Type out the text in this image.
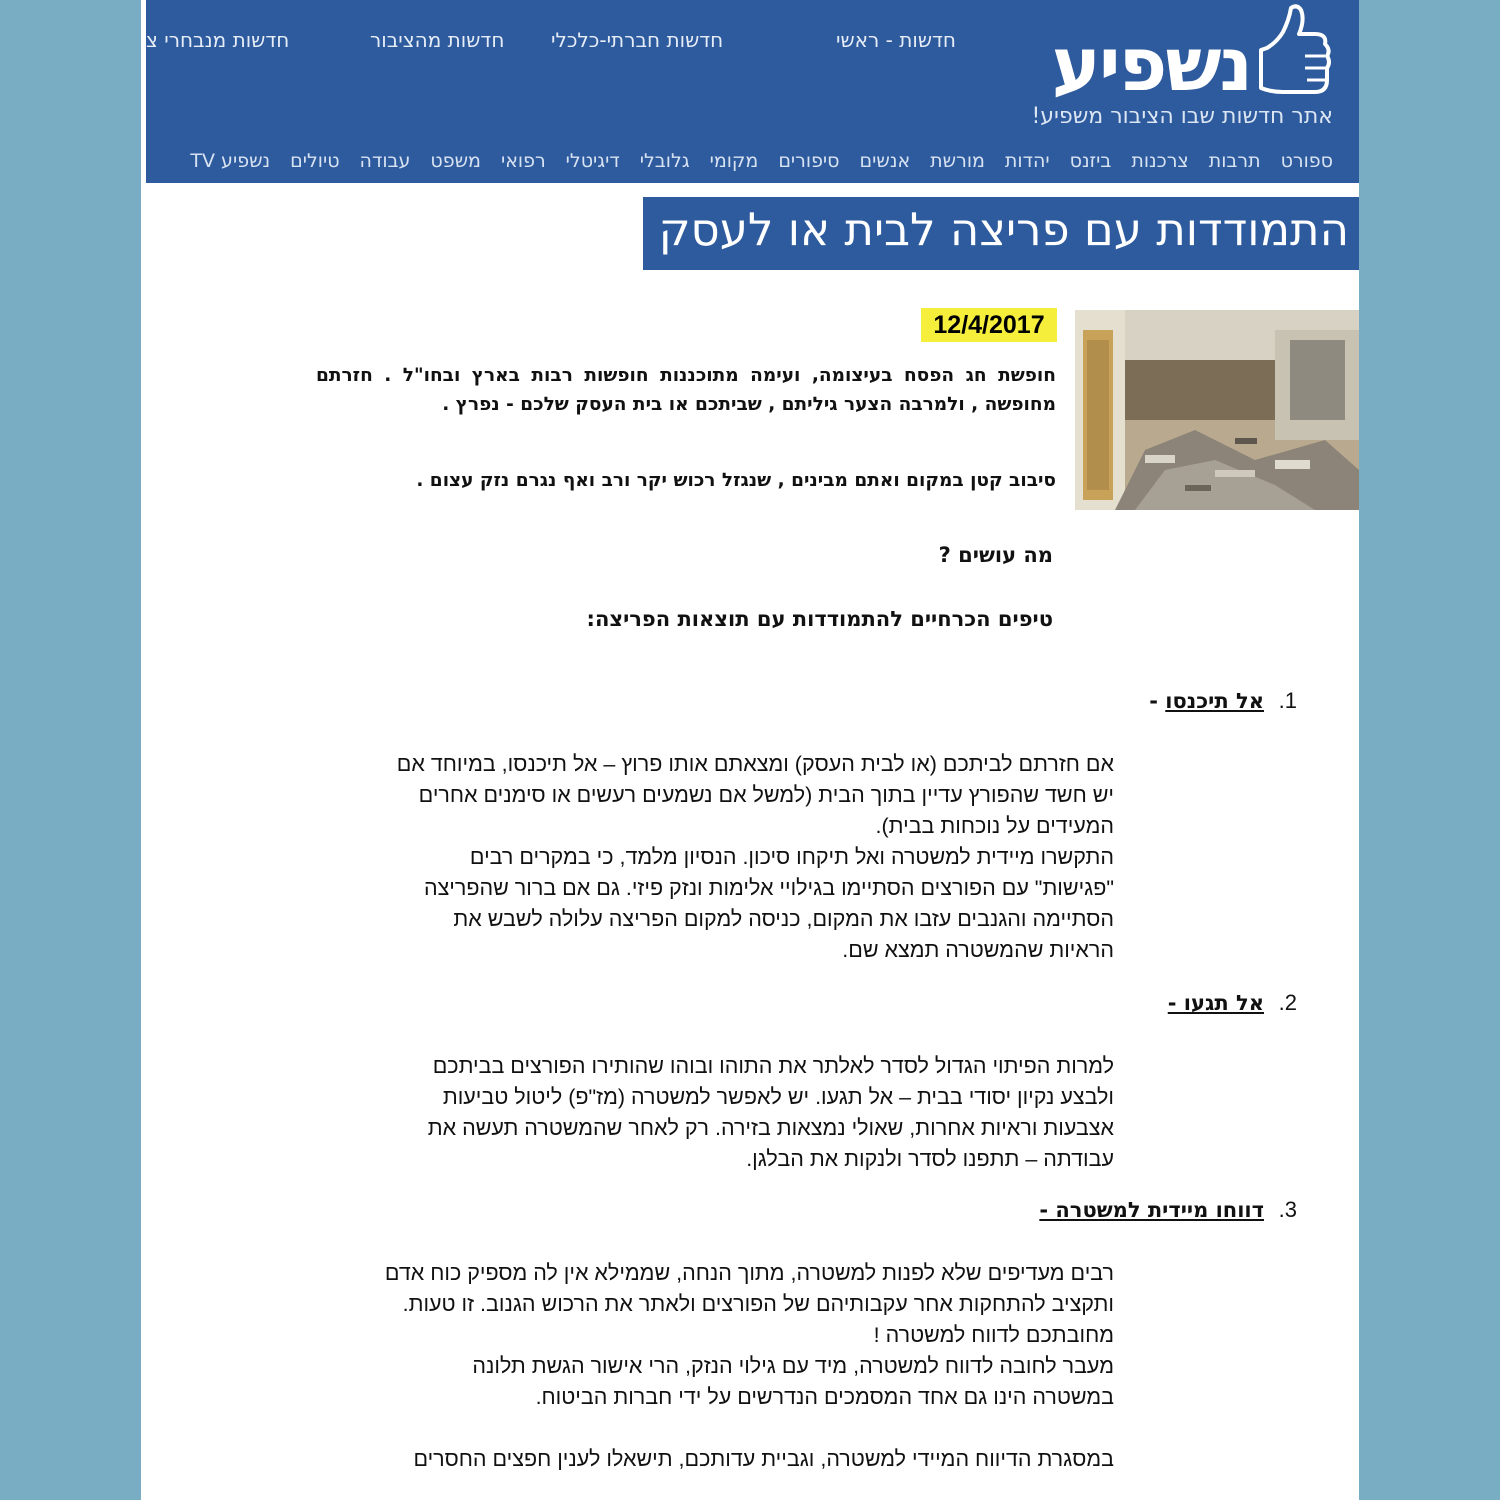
חדשות - ראשי
חדשות חברתי-כלכלי
חדשות מהציבור
חדשות מנבחרי צ	נשפיע
אתר חדשות שבו הציבור משפיע!
ספורטתרבותצרכנותביזנסיהדותמורשתאנשיםסיפוריםמקומיגלובלידיגיטלירפואימשפטעבודהטיוליםנשפיע TV
התמודדות עם פריצה לבית או לעסק
12/4/2017

חופשת חג הפסח בעיצומה, ועימה מתוכננות חופשות רבות בארץ ובחו"ל . חזרתם מחופשה , ולמרבה הצער גיליתם , שביתכם או בית העסק שלכם - נפרץ .

סיבוב קטן במקום ואתם מבינים , שנגזל רכוש יקר ורב ואף נגרם נזק עצום .

מה עושים ?

טיפים הכרחיים להתמודדות עם תוצאות הפריצה:

1.  אל תיכנסו -
אם חזרתם לביתכם (או לבית העסק) ומצאתם אותו פרוץ – אל תיכנסו, במיוחד אם
יש חשד שהפורץ עדיין בתוך הבית (למשל אם נשמעים רעשים או סימנים אחרים
המעידים על נוכחות בבית).
התקשרו מיידית למשטרה ואל תיקחו סיכון. הנסיון מלמד, כי במקרים רבים
"פגישות" עם הפורצים הסתיימו בגילויי אלימות ונזק פיזי. גם אם ברור שהפריצה
הסתיימה והגנבים עזבו את המקום, כניסה למקום הפריצה עלולה לשבש את
הראיות שהמשטרה תמצא שם.
2.  אל תגעו -
למרות הפיתוי הגדול לסדר לאלתר את התוהו ובוהו שהותירו הפורצים בביתכם
ולבצע נקיון יסודי בבית – אל תגעו. יש לאפשר למשטרה (מז"פ) ליטול טביעות
אצבעות וראיות אחרות, שאולי נמצאות בזירה. רק לאחר שהמשטרה תעשה את
עבודתה – תתפנו לסדר ולנקות את הבלגן.
3.  דווחו מיידית למשטרה -
רבים מעדיפים שלא לפנות למשטרה, מתוך הנחה, שממילא אין לה מספיק כוח אדם
ותקציב להתחקות אחר עקבותיהם של הפורצים ולאתר את הרכוש הגנוב. זו טעות.
מחובתכם לדווח למשטרה !
מעבר לחובה לדווח למשטרה, מיד עם גילוי הנזק, הרי אישור הגשת תלונה
במשטרה הינו גם אחד המסמכים הנדרשים על ידי חברות הביטוח.
במסגרת הדיווח המיידי למשטרה, וגביית עדותכם, תישאלו לענין חפצים החסרים
